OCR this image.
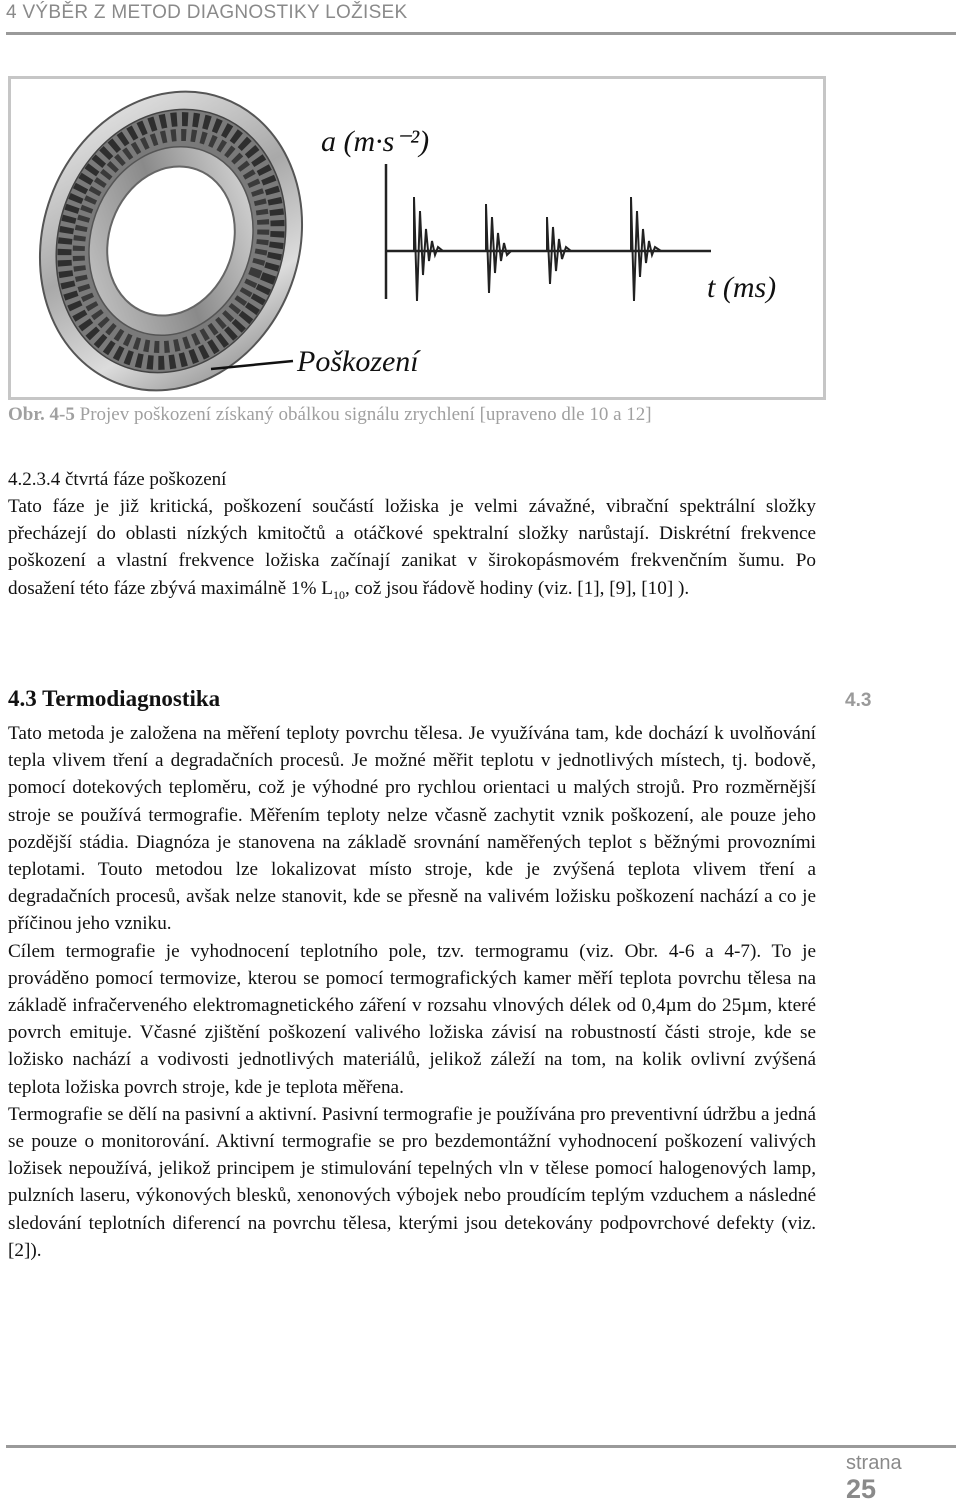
4 VÝBĚR Z METOD DIAGNOSTIKY LOŽISEK
a (m·s⁻²)
t (ms)
Poškození
Obr. 4-5 Projev poškození získaný obálkou signálu zrychlení [upraveno dle 10 a 12]
4.2.3.4 čtvrtá fáze poškození

Tato fáze je již kritická, poškození součástí ložiska je velmi závažné, vibrační spektrální složky přecházejí do oblasti nízkých kmitočtů a otáčkové spektralní složky narůstají. Diskrétní frekvence poškození a vlastní frekvence ložiska začínají zanikat v širokopásmovém frekvenčním šumu. Po dosažení této fáze zbývá maximálně 1% $L_{10}$, což jsou řádově hodiny (viz. [1], [9], [10] ).

4.3 Termodiagnostika	4.3

Tato metoda je založena na měření teploty povrchu tělesa. Je využívána tam, kde dochází k uvolňování tepla vlivem tření a degradačních procesů. Je možné měřit teplotu v jednotlivých místech, tj. bodově, pomocí dotekových teploměru, což je výhodné pro rychlou orientaci u malých strojů. Pro rozměrnější stroje se používá termografie. Měřením teploty nelze včasně zachytit vznik poškození, ale pouze jeho pozdější stádia. Diagnóza je stanovena na základě srovnání naměřených teplot s běžnými provozními teplotami. Touto metodou lze lokalizovat místo stroje, kde je zvýšená teplota vlivem tření a degradačních procesů, avšak nelze stanovit, kde se přesně na valivém ložisku poškození nachází a co je příčinou jeho vzniku.

Cílem termografie je vyhodnocení teplotního pole, tzv. termogramu (viz. Obr. 4-6 a 4-7). To je prováděno pomocí termovize, kterou se pomocí termografických kamer měří teplota povrchu tělesa na základě infračerveného elektromagnetického záření v rozsahu vlnových délek od 0,4µm do 25µm, které povrch emituje. Včasné zjištění poškození valivého ložiska závisí na robustností části stroje, kde se ložisko nachází a vodivosti jednotlivých materiálů, jelikož záleží na tom, na kolik ovlivní zvýšená teplota ložiska povrch stroje, kde je teplota měřena.

Termografie se dělí na pasivní a aktivní. Pasivní termografie je používána pro preventivní údržbu a jedná se pouze o monitorování. Aktivní termografie se pro bezdemontážní vyhodnocení poškození valivých ložisek nepoužívá, jelikož principem je stimulování tepelných vln v tělese pomocí halogenových lamp, pulzních laseru, výkonových blesků, xenonových výbojek nebo proudícím teplým vzduchem a následné sledování teplotních diferencí na povrchu tělesa, kterými jsou detekovány podpovrchové defekty (viz. [2]).

strana
25
